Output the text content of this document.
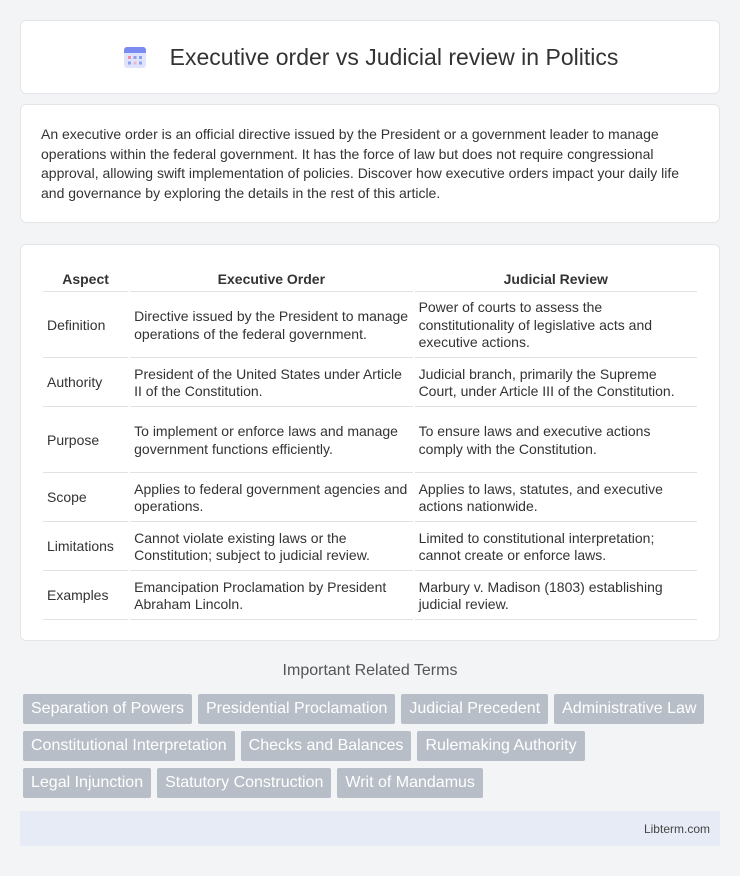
Executive order vs Judicial review in Politics

An executive order is an official directive issued by the President or a government leader to manage operations within the federal government. It has the force of law but does not require congressional approval, allowing swift implementation of policies. Discover how executive orders impact your daily life and governance by exploring the details in the rest of this article.

Aspect	Executive Order	Judicial Review
Definition	Directive issued by the President to manage operations of the federal government.	Power of courts to assess the constitutionality of legislative acts and executive actions.
Authority	President of the United States under Article II of the Constitution.	Judicial branch, primarily the Supreme Court, under Article III of the Constitution.
Purpose	To implement or enforce laws and manage government functions efficiently.	To ensure laws and executive actions comply with the Constitution.
Scope	Applies to federal government agencies and operations.	Applies to laws, statutes, and executive actions nationwide.
Limitations	Cannot violate existing laws or the Constitution; subject to judicial review.	Limited to constitutional interpretation; cannot create or enforce laws.
Examples	Emancipation Proclamation by President Abraham Lincoln.	Marbury v. Madison (1803) establishing judicial review.
Important Related Terms
Separation of Powers	Presidential Proclamation	Judicial Precedent	Administrative Law
Constitutional Interpretation	Checks and Balances	Rulemaking Authority
Legal Injunction	Statutory Construction	Writ of Mandamus
Libterm.com
